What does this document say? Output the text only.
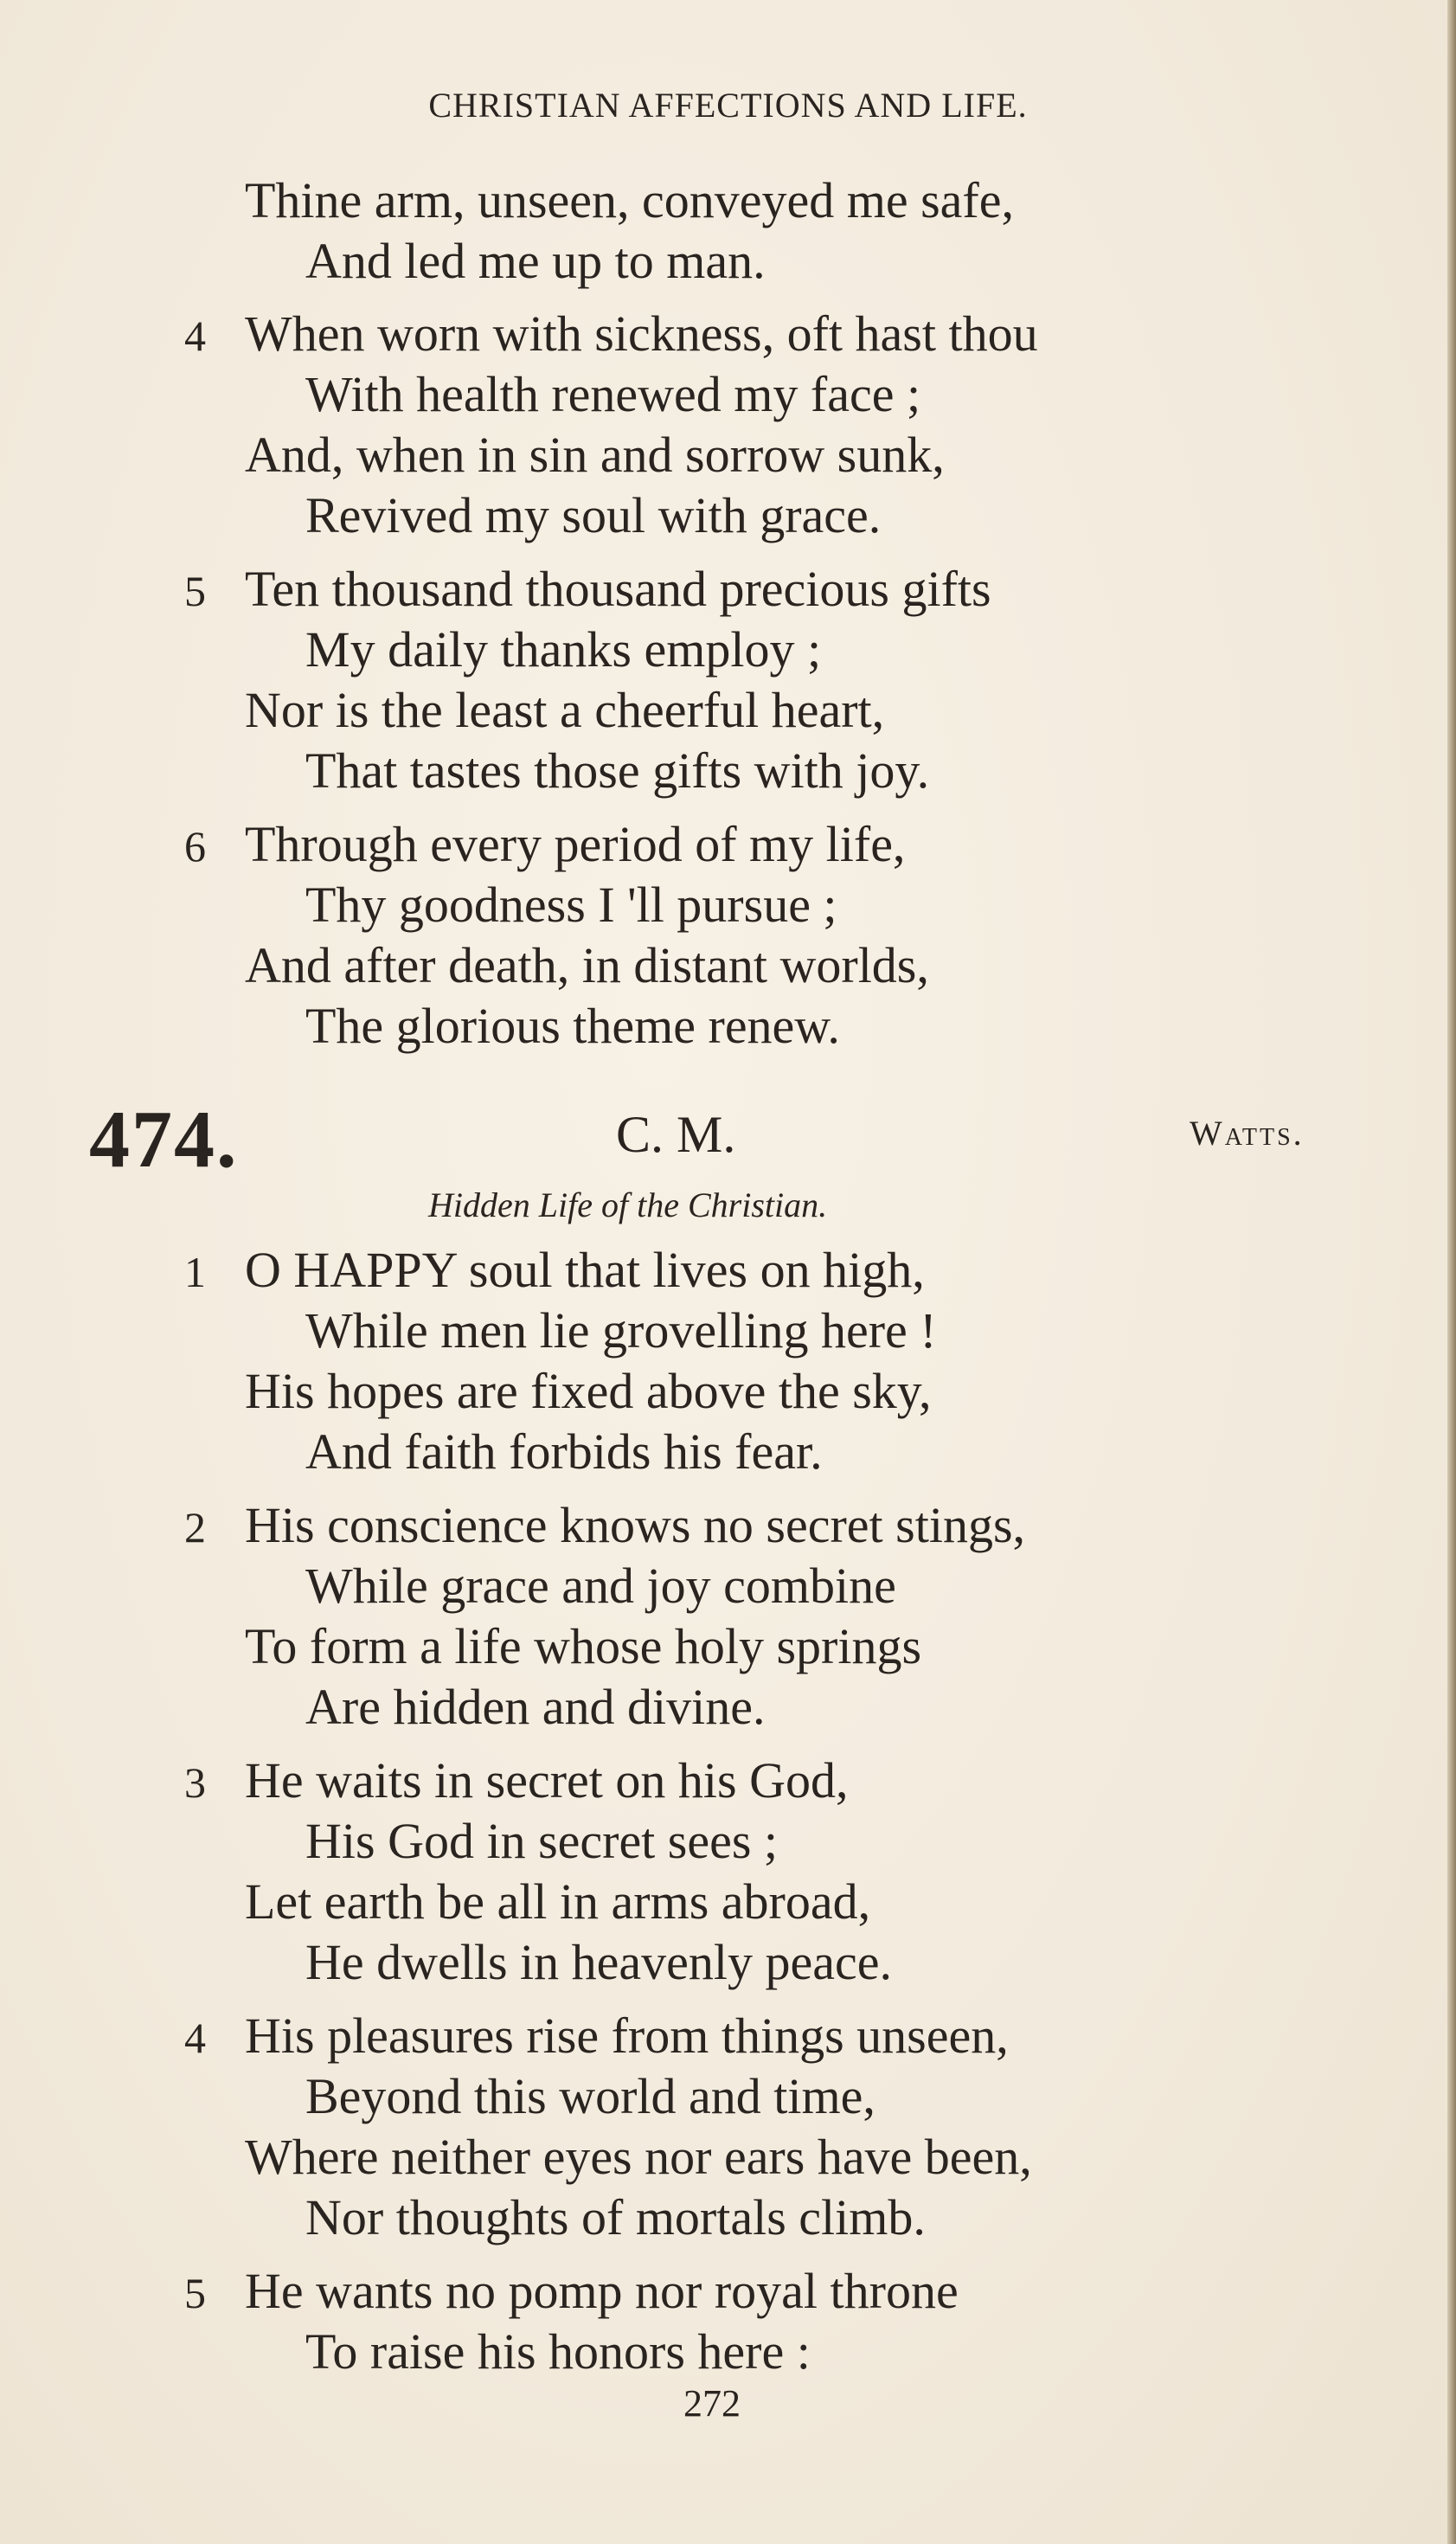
CHRISTIAN AFFECTIONS AND LIFE.
Thine arm, unseen, conveyed me safe,
And led me up to man.
4 When worn with sickness, oft hast thou
With health renewed my face ;
And, when in sin and sorrow sunk,
Revived my soul with grace.
5 Ten thousand thousand precious gifts
My daily thanks employ ;
Nor is the least a cheerful heart,
That tastes those gifts with joy.
6 Through every period of my life,
Thy goodness I 'll pursue ;
And after death, in distant worlds,
The glorious theme renew.
474.	C. M.	Watts.
Hidden Life of the Christian.
1 O HAPPY soul that lives on high,
While men lie grovelling here !
His hopes are fixed above the sky,
And faith forbids his fear.
2 His conscience knows no secret stings,
While grace and joy combine
To form a life whose holy springs
Are hidden and divine.
3 He waits in secret on his God,
His God in secret sees ;
Let earth be all in arms abroad,
He dwells in heavenly peace.
4 His pleasures rise from things unseen,
Beyond this world and time,
Where neither eyes nor ears have been,
Nor thoughts of mortals climb.
5 He wants no pomp nor royal throne
To raise his honors here :
272
